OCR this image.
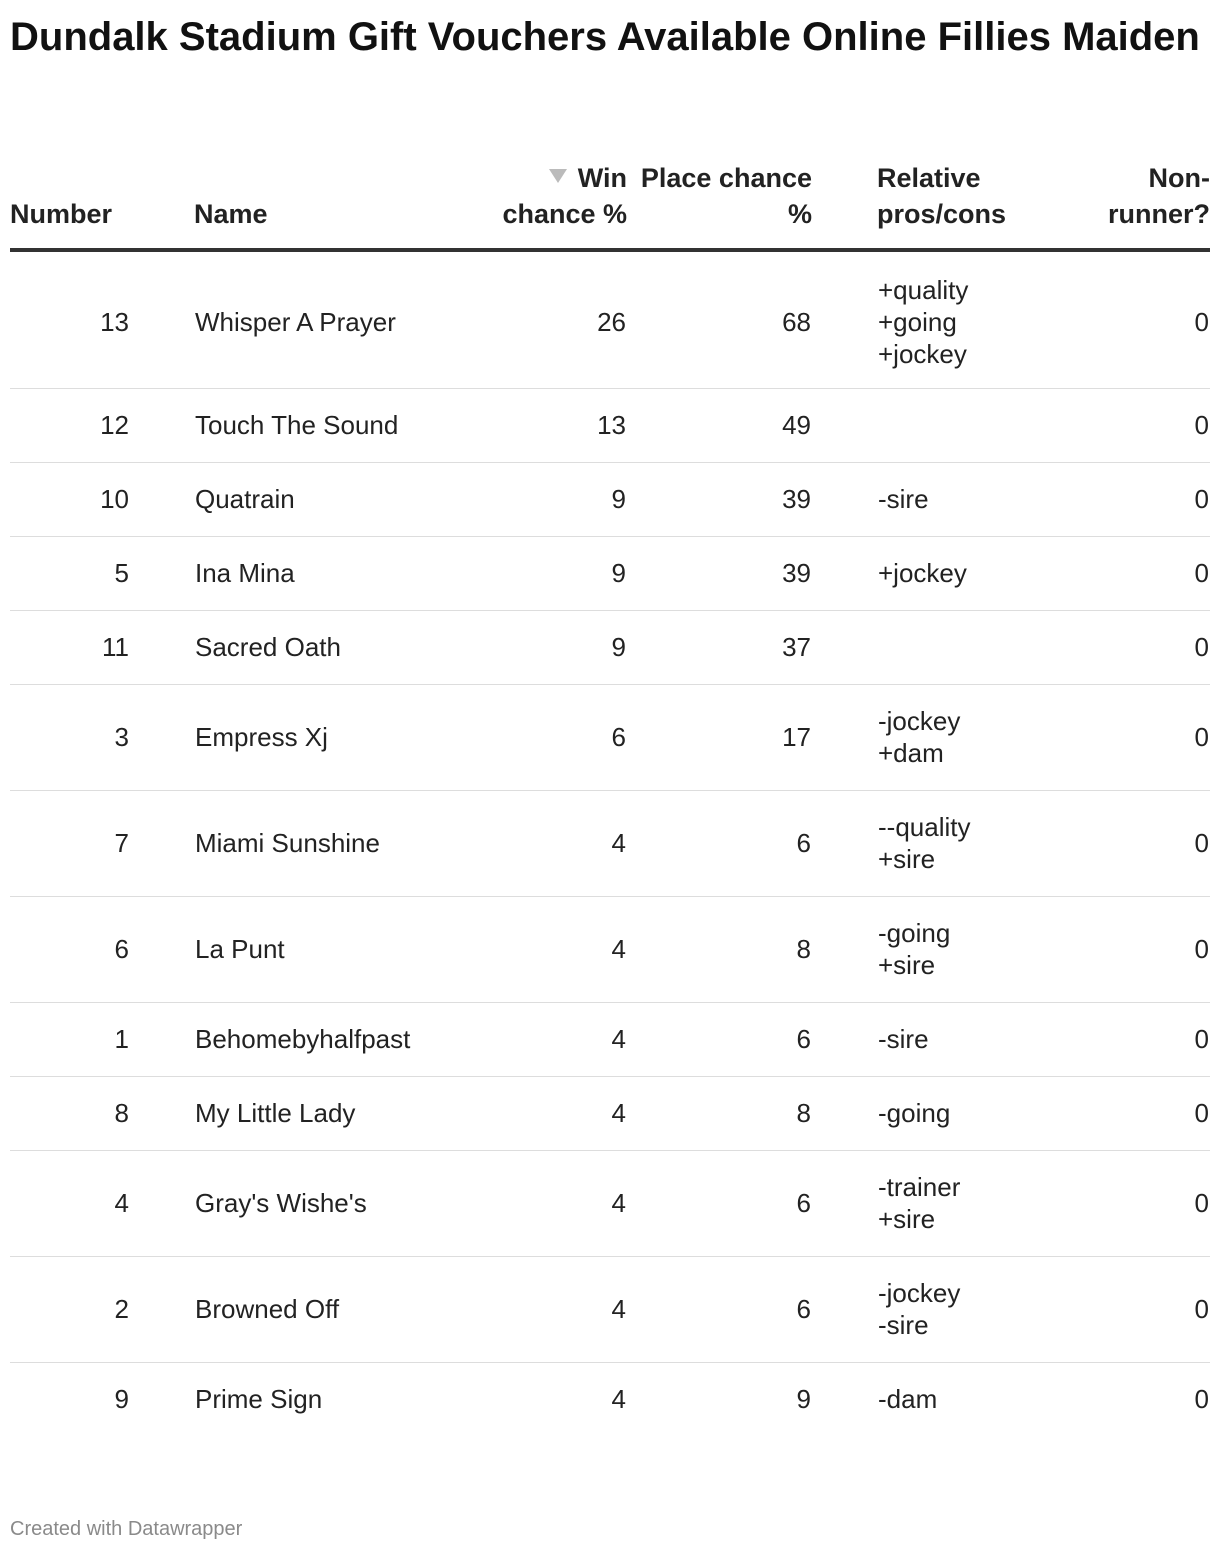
Dundalk Stadium Gift Vouchers Available Online Fillies Maiden
Number		Name	Win chance %	Place chance %		Relative pros/cons	Non-runner?
13		Whisper A Prayer	26	68		+quality
+going
+jockey	0
12		Touch The Sound	13	49			0
10		Quatrain	9	39		-sire	0
5		Ina Mina	9	39		+jockey	0
11		Sacred Oath	9	37			0
3		Empress Xj	6	17		-jockey
+dam	0
7		Miami Sunshine	4	6		--quality
+sire	0
6		La Punt	4	8		-going
+sire	0
1		Behomebyhalfpast	4	6		-sire	0
8		My Little Lady	4	8		-going	0
4		Gray's Wishe's	4	6		-trainer
+sire	0
2		Browned Off	4	6		-jockey
-sire	0
9		Prime Sign	4	9		-dam	0
Created with Datawrapper
